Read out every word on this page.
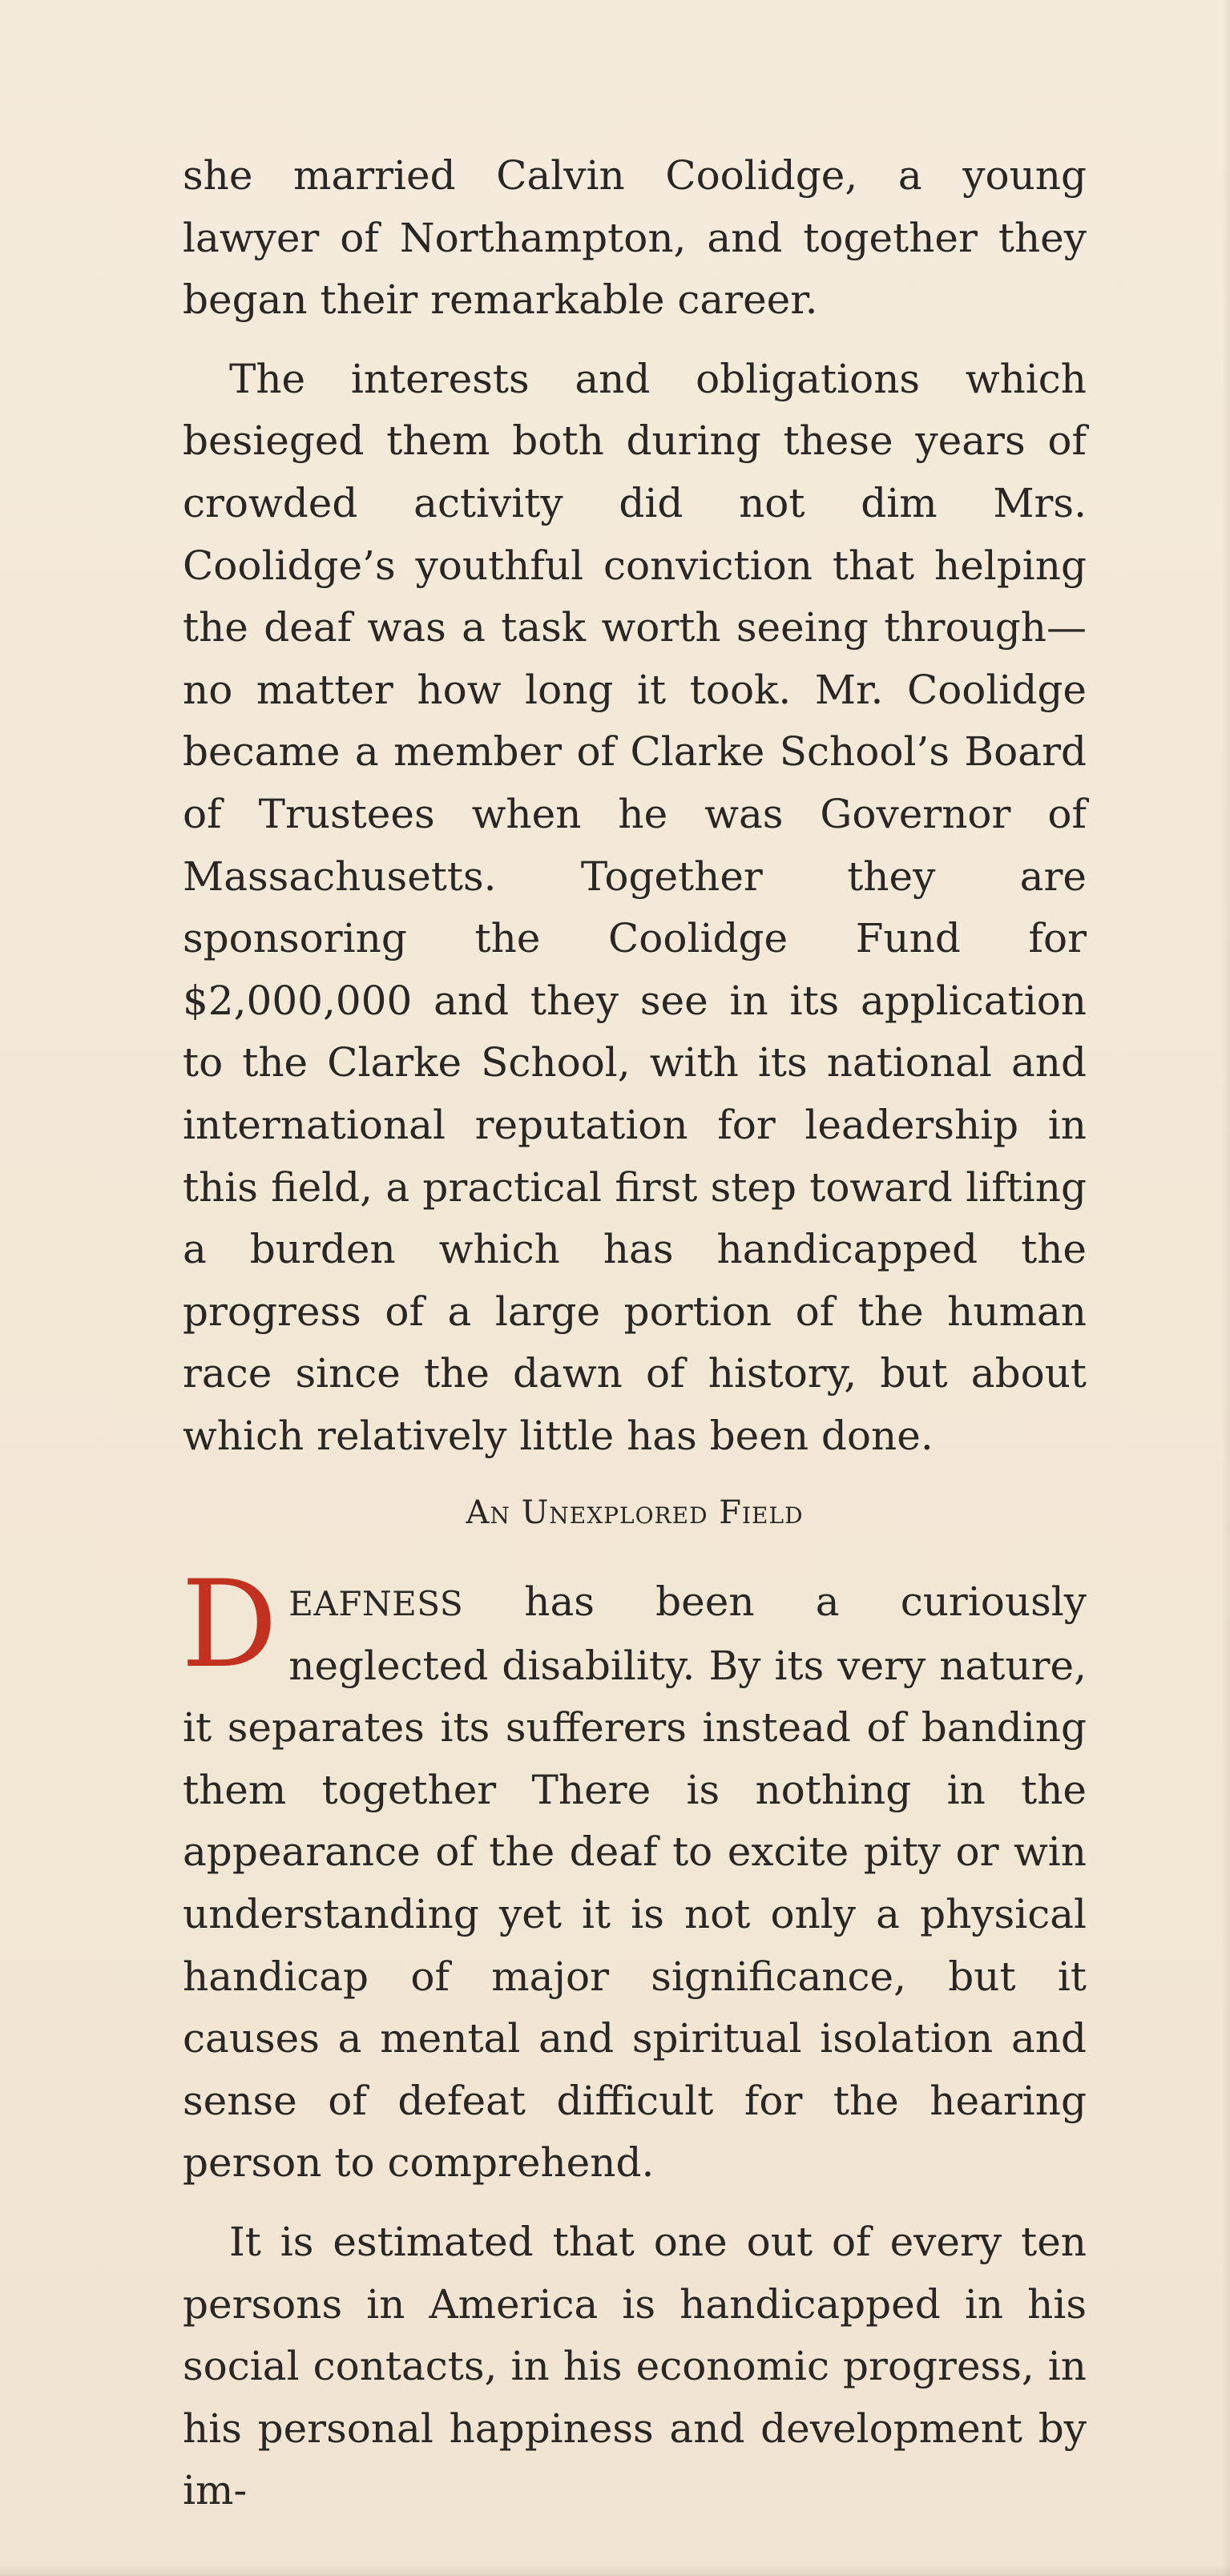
she married Calvin Coolidge, a young lawyer of Northampton, and together they began their remarkable career.

The interests and obligations which besieged them both during these years of crowded activity did not dim Mrs. Coolidge’s youthful conviction that helping the deaf was a task worth seeing through—no matter how long it took. Mr. Coolidge became a member of Clarke School’s Board of Trustees when he was Governor of Massachusetts. Together they are sponsoring the Coolidge Fund for $2,000,000 and they see in its application to the Clarke School, with its national and international reputation for leadership in this field, a practical first step toward lifting a burden which has handicapped the progress of a large portion of the human race since the dawn of history, but about which relatively little has been done.

An Unexplored Field

DEAFNESS has been a curiously neglected disability. By its very nature, it separates its sufferers instead of banding them together There is nothing in the appearance of the deaf to excite pity or win understanding yet it is not only a physical handicap of major significance, but it causes a mental and spiritual isolation and sense of defeat difficult for the hearing person to comprehend.

It is estimated that one out of every ten persons in America is handicapped in his social contacts, in his economic progress, in his personal happiness and development by im-
